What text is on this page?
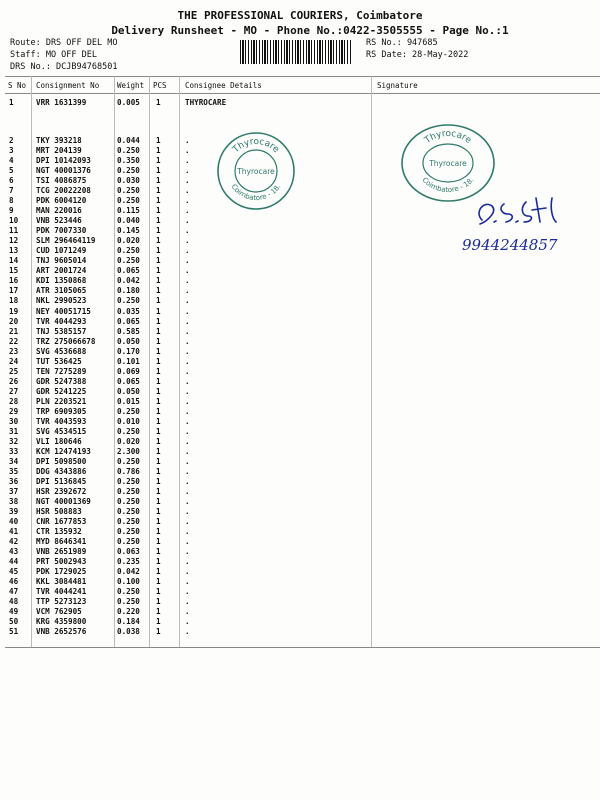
THE PROFESSIONAL COURIERS, Coimbatore
Delivery Runsheet - MO - Phone No.:0422-3505555 - Page No.:1
Route: DRS OFF DEL MO
Staff: MO OFF DEL
DRS No.: DCJB94768501
RS No.: 947685
RS Date: 28-May-2022
S No Consignment No Weight PCS Consignee Details	Signature
1	VRR 1631399	0.005 1	THYROCARE
2	TKY 393218	0.044 1	.
3	MRT 204139	0.250 1	.
4	DPI 10142093	0.350 1	.
5	NGT 40001376	0.250 1	.
6	TSI 4086875	0.030 1	.
7	TCG 20022208	0.250 1	.
8	PDK 6004120	0.250 1	.
9	MAN 220016	0.115 1	.
10 VNB 523446	0.040 1	.
11 PDK 7007330	0.145 1	.
12 SLM 296464119	0.020 1	.
13 CUD 1071249	0.250 1	.
14 TNJ 9605014	0.250 1	.
15 ART 2001724	0.065 1	.
16 KDI 1350868	0.042 1	.
17 ATR 3105065	0.180 1	.
18 NKL 2990523	0.250 1	.
19 NEY 40051715	0.035 1	.
20 TVR 4044293	0.065 1	.
21 TNJ 5385157	0.585 1	.
22 TRZ 275066678	0.050 1	.
23 SVG 4536688	0.170 1	.
24 TUT 536425	0.101 1	.
25 TEN 7275289	0.069 1	.
26 GDR 5247388	0.065 1	.
27 GDR 5241225	0.050 1	.
28 PLN 2203521	0.015 1	.
29 TRP 6909305	0.250 1	.
30 TVR 4043593	0.010 1	.
31 SVG 4534515	0.250 1	.
32 VLI 180646	0.020 1	.
33 KCM 12474193	2.300 1	.
34 DPI 5098500	0.250 1	.
35 DDG 4343886	0.786 1	.
36 DPI 5136845	0.250 1	.
37 HSR 2392672	0.250 1	.
38 NGT 40001369	0.250 1	.
39 HSR 508883	0.250 1	.
40 CNR 1677853	0.250 1	.
41 CTR 135932	0.250 1	.
42 MYD 8646341	0.250 1	.
43 VNB 2651989	0.063 1	.
44 PRT 5002943	0.235 1	.
45 PDK 1729025	0.042 1	.
46 KKL 3084481	0.100 1	.
47 TVR 4044241	0.250 1	.
48 TTP 5273123	0.250 1	.
49 VCM 762905	0.220 1	.
50 KRG 4359800	0.184 1	.
51 VNB 2652576	0.038 1	.
Thyrocare
Thyrocare
Coimbatore - 18.
Thyrocare
Thyrocare
Coimbatore - 18.
9944244857
